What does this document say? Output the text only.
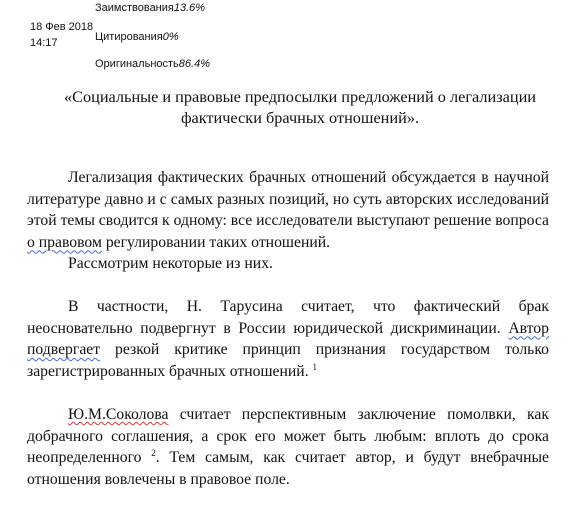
Заимствования13.6%
18 Фев 2018
14:17	Цитирования0%
Оригинальность86.4%
«Социальные и правовые предпосылки предложений о легализации
фактически брачных отношений».
Легализация фактических брачных отношений обсуждается в научной
литературе давно и с самых разных позиций, но суть авторских исследований
этой темы сводится к одному: все исследователи выступают решение вопроса
о правовом регулировании таких отношений.
Рассмотрим некоторые из них.
В частности, Н. Тарусина считает, что фактический брак
неосновательно подвергнут в России юридической дискриминации. Автор
подвергает резкой критике принцип признания государством только
зарегистрированных брачных отношений. $^1$
Ю.М.Соколова считает перспективным заключение помолвки, как
добрачного соглашения, а срок его может быть любым: вплоть до срока
неопределенного $^2$. Тем самым, как считает автор, и будут внебрачные
отношения вовлечены в правовое поле.
